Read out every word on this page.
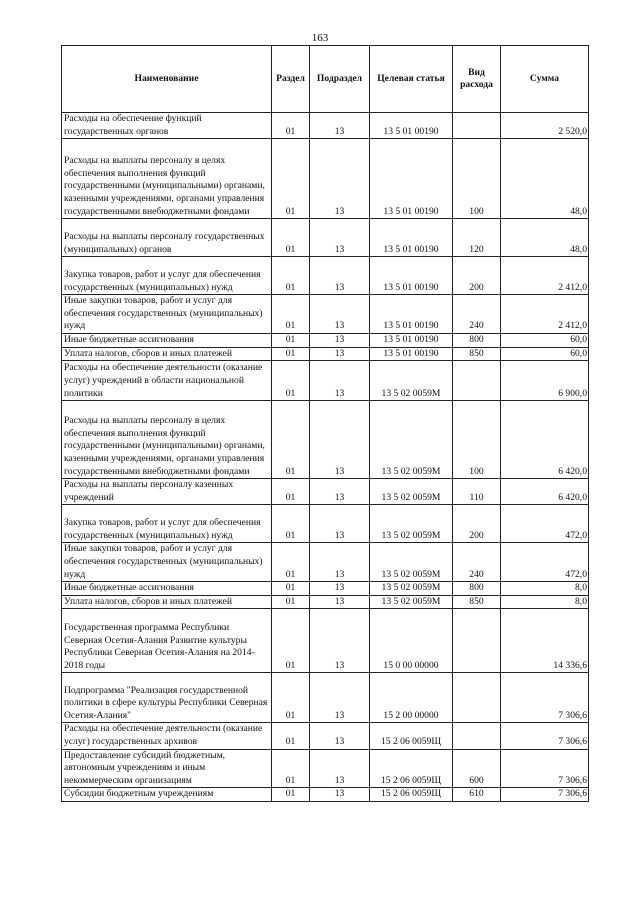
163
Наименование	Раздел	Подраздел	Целевая статья	Вид расхода	Сумма
Расходы на обеспечение функций государственных органов	01	13	13 5 01 00190		2 520,0
Расходы на выплаты персоналу в целях обеспечения выполнения функций государственными (муниципальными) органами, казенными учреждениями, органами управления государственными внебюджетными фондами	01	13	13 5 01 00190	100	48,0
Расходы на выплаты персоналу государственных (муниципальных) органов	01	13	13 5 01 00190	120	48,0
Закупка товаров, работ и услуг для обеспечения государственных (муниципальных) нужд	01	13	13 5 01 00190	200	2 412,0
Иные закупки товаров, работ и услуг для обеспечения государственных (муниципальных) нужд	01	13	13 5 01 00190	240	2 412,0
Иные бюджетные ассигнования	01	13	13 5 01 00190	800	60,0
Уплата налогов, сборов и иных платежей	01	13	13 5 01 00190	850	60,0
Расходы на обеспечение деятельности (оказание услуг) учреждений в области национальной политики	01	13	13 5 02 0059М		6 900,0
Расходы на выплаты персоналу в целях обеспечения выполнения функций государственными (муниципальными) органами, казенными учреждениями, органами управления государственными внебюджетными фондами	01	13	13 5 02 0059М	100	6 420,0
Расходы на выплаты персоналу казенных учреждений	01	13	13 5 02 0059М	110	6 420,0
Закупка товаров, работ и услуг для обеспечения государственных (муниципальных) нужд	01	13	13 5 02 0059М	200	472,0
Иные закупки товаров, работ и услуг для обеспечения государственных (муниципальных) нужд	01	13	13 5 02 0059М	240	472,0
Иные бюджетные ассигнования	01	13	13 5 02 0059М	800	8,0
Уплата налогов, сборов и иных платежей	01	13	13 5 02 0059М	850	8,0
Государственная программа Республики Северная Осетия-Алания Развитие культуры Республики Северная Осетия-Алания на 2014-2018 годы	01	13	15 0 00 00000		14 336,6
Подпрограмма "Реализация государственной политики в сфере культуры Республики Северная Осетия-Алания"	01	13	15 2 00 00000		7 306,6
Расходы на обеспечение деятельности (оказание услуг) государственных архивов	01	13	15 2 06 0059Щ		7 306,6
Предоставление субсидий бюджетным, автономным учреждениям и иным некоммерческим организациям	01	13	15 2 06 0059Щ	600	7 306,6
Субсидии бюджетным учреждениям	01	13	15 2 06 0059Щ	610	7 306,6
